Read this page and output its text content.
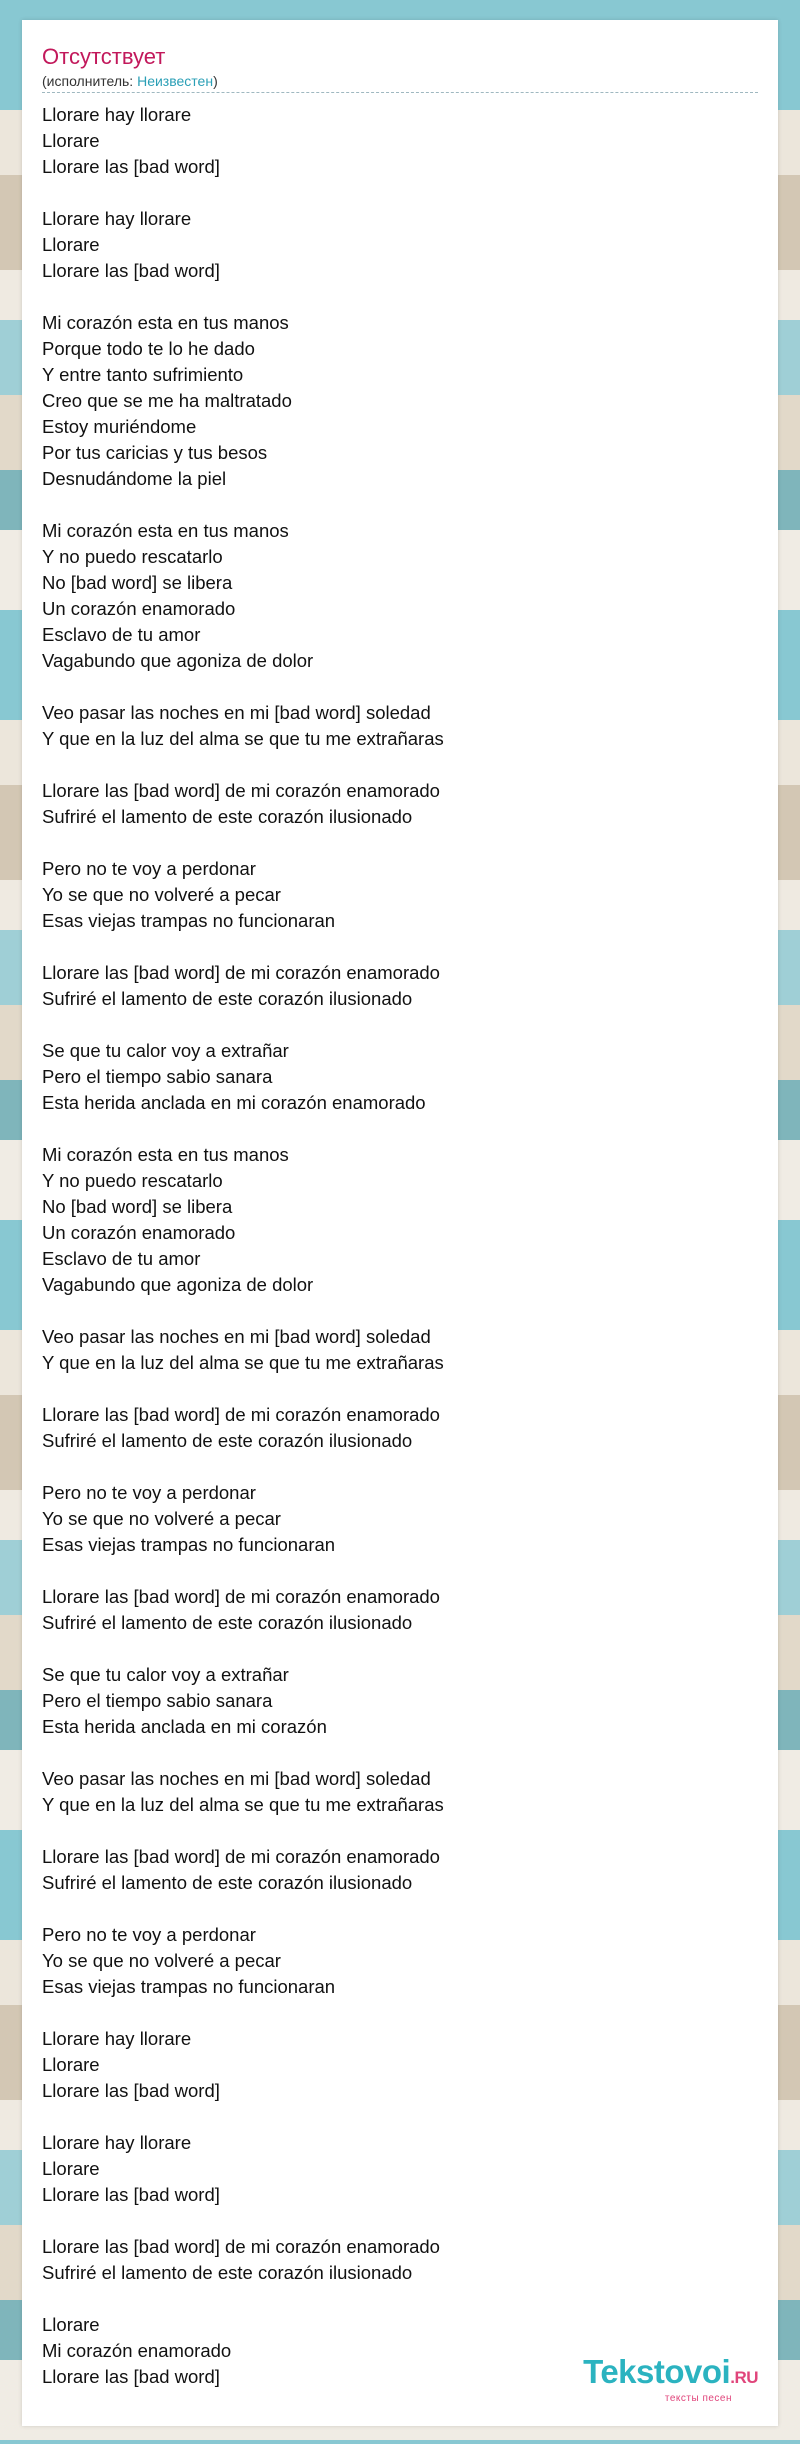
Отсутствует
(исполнитель: Неизвестен)
Llorare hay llorare
Llorare
Llorare las [bad word]

Llorare hay llorare
Llorare
Llorare las [bad word]

Mi corazón esta en tus manos
Porque todo te lo he dado
Y entre tanto sufrimiento
Creo que se me ha maltratado
Estoy muriéndome
Por tus caricias y tus besos
Desnudándome la piel

Mi corazón esta en tus manos
Y no puedo rescatarlo
No [bad word] se libera
Un corazón enamorado
Esclavo de tu amor
Vagabundo que agoniza de dolor

Veo pasar las noches en mi [bad word] soledad
Y que en la luz del alma se que tu me extrañaras

Llorare las [bad word] de mi corazón enamorado
Sufriré el lamento de este corazón ilusionado

Pero no te voy a perdonar
Yo se que no volveré a pecar
Esas viejas trampas no funcionaran

Llorare las [bad word] de mi corazón enamorado
Sufriré el lamento de este corazón ilusionado

Se que tu calor voy a extrañar
Pero el tiempo sabio sanara
Esta herida anclada en mi corazón enamorado

Mi corazón esta en tus manos
Y no puedo rescatarlo
No [bad word] se libera
Un corazón enamorado
Esclavo de tu amor
Vagabundo que agoniza de dolor

Veo pasar las noches en mi [bad word] soledad
Y que en la luz del alma se que tu me extrañaras

Llorare las [bad word] de mi corazón enamorado
Sufriré el lamento de este corazón ilusionado

Pero no te voy a perdonar
Yo se que no volveré a pecar
Esas viejas trampas no funcionaran

Llorare las [bad word] de mi corazón enamorado
Sufriré el lamento de este corazón ilusionado

Se que tu calor voy a extrañar
Pero el tiempo sabio sanara
Esta herida anclada en mi corazón

Veo pasar las noches en mi [bad word] soledad
Y que en la luz del alma se que tu me extrañaras

Llorare las [bad word] de mi corazón enamorado
Sufriré el lamento de este corazón ilusionado

Pero no te voy a perdonar
Yo se que no volveré a pecar
Esas viejas trampas no funcionaran

Llorare hay llorare
Llorare
Llorare las [bad word]

Llorare hay llorare
Llorare
Llorare las [bad word]

Llorare las [bad word] de mi corazón enamorado
Sufriré el lamento de este corazón ilusionado

Llorare
Mi corazón enamorado
Llorare las [bad word]	Tekstovoi.RU
тексты песен
